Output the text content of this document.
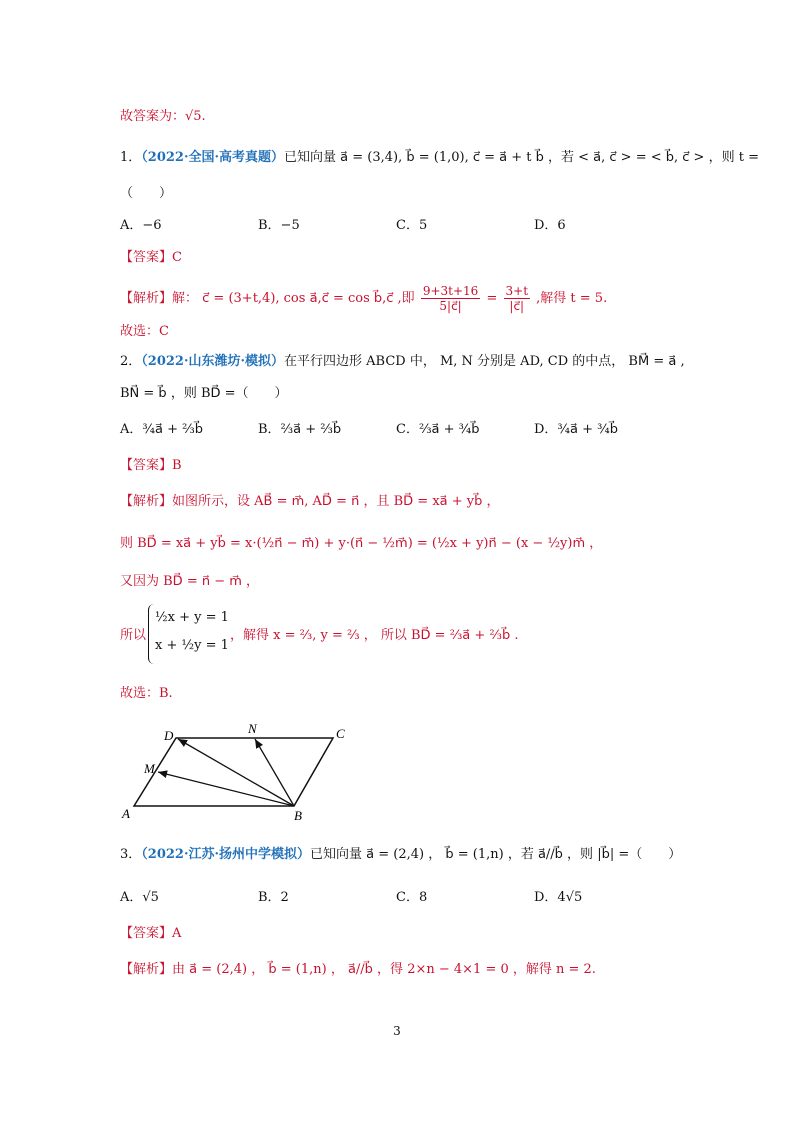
故答案为：√5.
1．（2022·全国·高考真题）已知向量 a⃗ = (3,4), b⃗ = (1,0), c⃗ = a⃗ + t b⃗ ，若 < a⃗, c⃗ > = < b⃗, c⃗ > ，则 t =
（　　）
A．−6	B．−5	C．5	D．6
【答案】C
【解析】解： c⃗ = (3+t,4), cos a⃗,c⃗ = cos b⃗,c⃗ ,即 $\frac{9+3t+16}{5|c⃗|} = \frac{3+t}{|c⃗|}$ ,解得 t = 5.
故选：C
2．（2022·山东潍坊·模拟）在平行四边形 ABCD 中， M, N 分别是 AD, CD 的中点， BM⃗ = a⃗ ,
BN⃗ = b⃗ ，则 BD⃗ =（　　）
A．¾a⃗ + ⅔b⃗	B．⅔a⃗ + ⅔b⃗	C．⅔a⃗ + ¾b⃗	D．¾a⃗ + ¾b⃗
【答案】B
【解析】如图所示，设 AB⃗ = m⃗, AD⃗ = n⃗ ，且 BD⃗ = xa⃗ + yb⃗ ，
则 BD⃗ = xa⃗ + yb⃗ = x·(½n⃗ − m⃗) + y·(n⃗ − ½m⃗) = (½x + y)n⃗ − (x − ½y)m⃗ ，
又因为 BD⃗ = n⃗ − m⃗ ，
所以
½x + y = 1
x + ½y = 1
，解得 x = ⅔, y = ⅔ ， 所以 BD⃗ = ⅔a⃗ + ⅔b⃗ .
故选：B.
D	N	C
M
A	B
3．（2022·江苏·扬州中学模拟）已知向量 a⃗ = (2,4) ， b⃗ = (1,n) ，若 a⃗//b⃗ ，则 |b⃗| =（　　）
A．√5	B．2	C．8	D．4√5
【答案】A
【解析】由 a⃗ = (2,4) ， b⃗ = (1,n) ， a⃗//b⃗ ，得 2×n − 4×1 = 0 ，解得 n = 2.
3
